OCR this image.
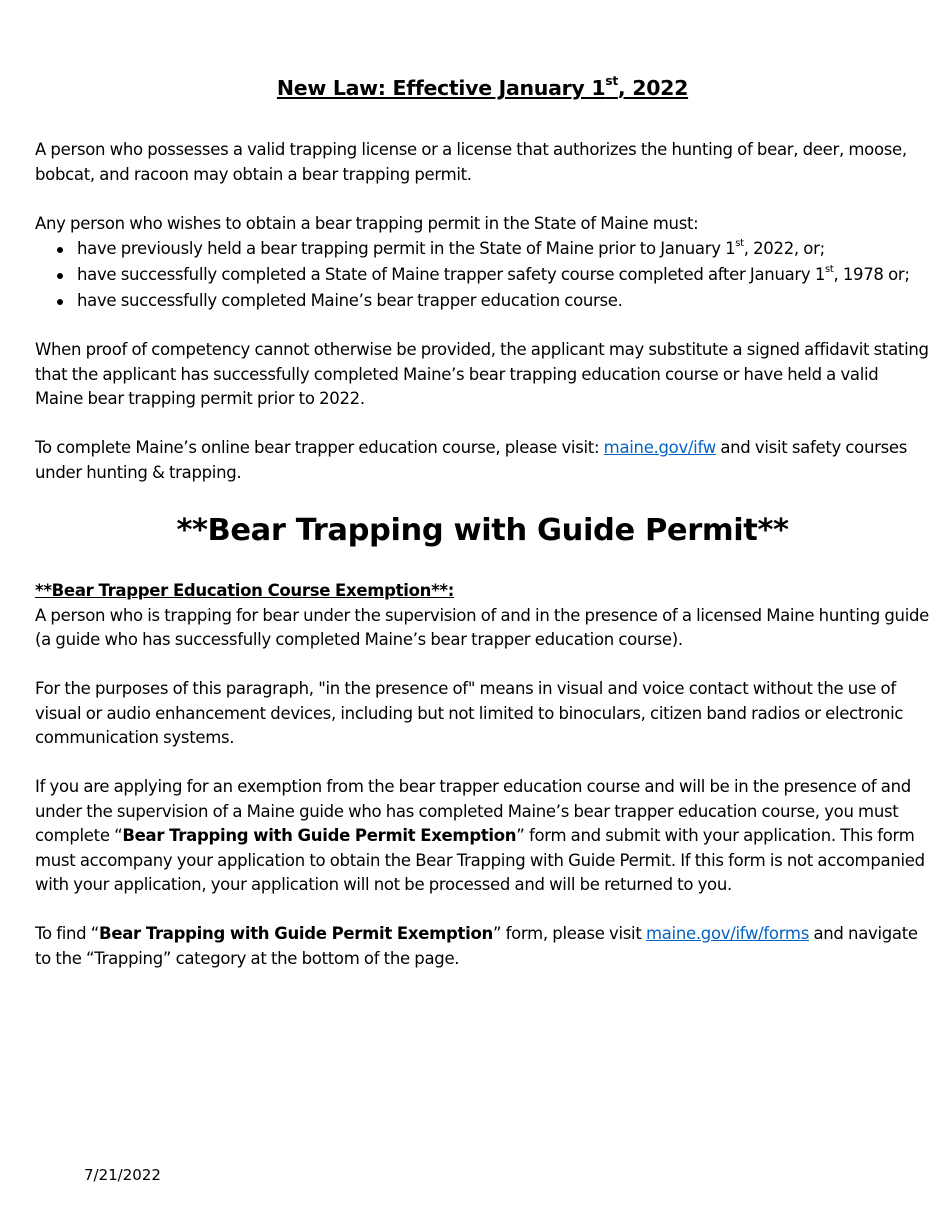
New Law: Effective January 1st, 2022

A person who possesses a valid trapping license or a license that authorizes the hunting of bear, deer, moose, bobcat, and racoon may obtain a bear trapping permit.

Any person who wishes to obtain a bear trapping permit in the State of Maine must:

have previously held a bear trapping permit in the State of Maine prior to January 1st, 2022, or;
have successfully completed a State of Maine trapper safety course completed after January 1st, 1978 or;
have successfully completed Maine’s bear trapper education course.

When proof of competency cannot otherwise be provided, the applicant may substitute a signed affidavit stating that the applicant has successfully completed Maine’s bear trapping education course or have held a valid Maine bear trapping permit prior to 2022.

To complete Maine’s online bear trapper education course, please visit: maine.gov/ifw and visit safety courses under hunting & trapping.

**Bear Trapping with Guide Permit**
**Bear Trapper Education Course Exemption**:
A person who is trapping for bear under the supervision of and in the presence of a licensed Maine hunting guide
(a guide who has successfully completed Maine’s bear trapper education course).

For the purposes of this paragraph, "in the presence of" means in visual and voice contact without the use of visual or audio enhancement devices, including but not limited to binoculars, citizen band radios or electronic communication systems.

If you are applying for an exemption from the bear trapper education course and will be in the presence of and under the supervision of a Maine guide who has completed Maine’s bear trapper education course, you must complete “Bear Trapping with Guide Permit Exemption” form and submit with your application. This form must accompany your application to obtain the Bear Trapping with Guide Permit. If this form is not accompanied with your application, your application will not be processed and will be returned to you.

To find “Bear Trapping with Guide Permit Exemption” form, please visit maine.gov/ifw/forms and navigate to the “Trapping” category at the bottom of the page.

7/21/2022
